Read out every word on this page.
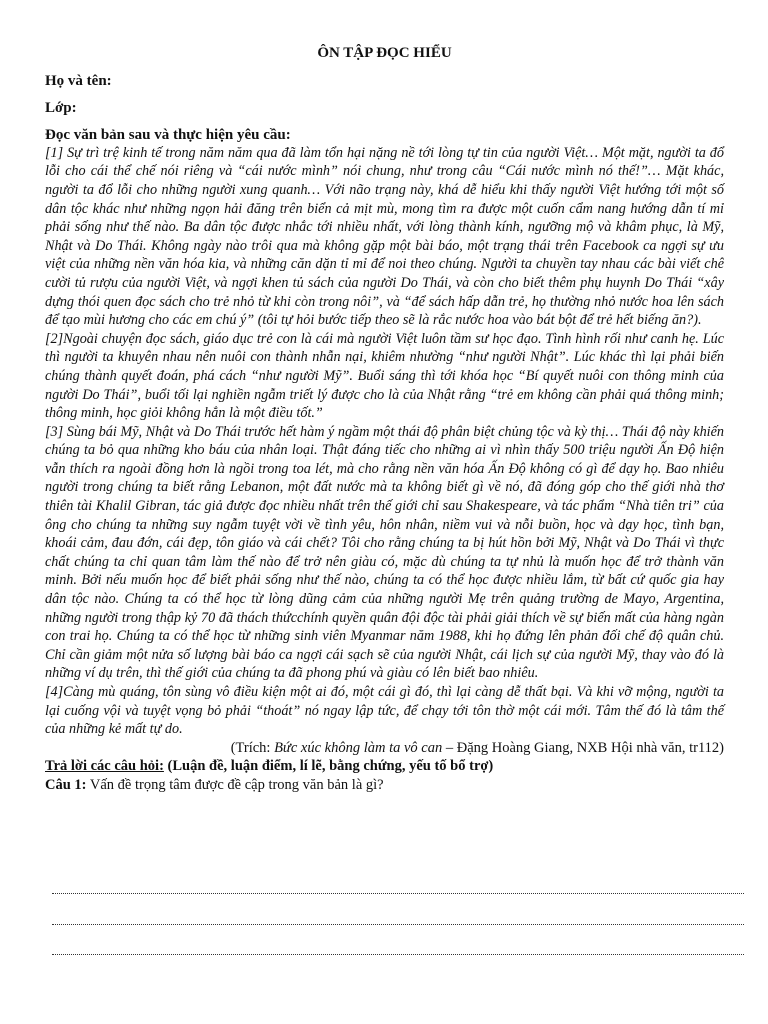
ÔN TẬP ĐỌC HIỂU

Họ và tên:

Lớp:

Đọc văn bản sau và thực hiện yêu cầu:

[1] Sự trì trệ kinh tế trong năm năm qua đã làm tổn hại nặng nề tới lòng tự tin của người Việt… Một mặt, người ta đổ lỗi cho cái thể chế nói riêng và “cái nước mình” nói chung, như trong câu “Cái nước mình nó thế!”… Mặt khác, người ta đổ lỗi cho những người xung quanh… Với não trạng này, khá dễ hiểu khi thấy người Việt hướng tới một số dân tộc khác như những ngọn hải đăng trên biển cả mịt mù, mong tìm ra được một cuốn cẩm nang hướng dẫn tí mỉ phải sống như thế nào. Ba dân tộc được nhắc tới nhiều nhất, với lòng thành kính, ngưỡng mộ và khâm phục, là Mỹ, Nhật và Do Thái. Không ngày nào trôi qua mà không gặp một bài báo, một trạng thái trên Facebook ca ngợi sự ưu việt của những nền văn hóa kia, và những căn dặn tỉ mỉ để noi theo chúng. Người ta chuyền tay nhau các bài viết chê cười tủ rượu của người Việt, và ngợi khen tủ sách của người Do Thái, và còn cho biết thêm phụ huynh Do Thái “xây dựng thói quen đọc sách cho trẻ nhỏ từ khi còn trong nôi”, và “để sách hấp dẫn trẻ, họ thường nhỏ nước hoa lên sách để tạo mùi hương cho các em chú ý” (tôi tự hỏi bước tiếp theo sẽ là rắc nước hoa vào bát bột để trẻ hết biếng ăn?).

[2]Ngoài chuyện đọc sách, giáo dục trẻ con là cái mà người Việt luôn tầm sư học đạo. Tình hình rối như canh hẹ. Lúc thì người ta khuyên nhau nên nuôi con thành nhẫn nại, khiêm nhường “như người Nhật”. Lúc khác thì lại phải biến chúng thành quyết đoán, phá cách “như người Mỹ”. Buổi sáng thì tới khóa học “Bí quyết nuôi con thông minh của người Do Thái”, buổi tối lại nghiền ngẫm triết lý được cho là của Nhật rằng “trẻ em không cần phải quá thông minh; thông minh, học giỏi không hẳn là một điều tốt.”

[3] Sùng bái Mỹ, Nhật và Do Thái trước hết hàm ý ngầm một thái độ phân biệt chủng tộc và kỳ thị… Thái độ này khiến chúng ta bỏ qua những kho báu của nhân loại. Thật đáng tiếc cho những ai vì nhìn thấy 500 triệu người Ấn Độ hiện vẫn thích ra ngoài đồng hơn là ngồi trong toa lét, mà cho rằng nền văn hóa Ấn Độ không có gì để dạy họ. Bao nhiêu người trong chúng ta biết rằng Lebanon, một đất nước mà ta không biết gì về nó, đã đóng góp cho thế giới nhà thơ thiên tài Khalil Gibran, tác giả được đọc nhiều nhất trên thế giới chỉ sau Shakespeare, và tác phẩm “Nhà tiên tri” của ông cho chúng ta những suy ngẫm tuyệt vời về tình yêu, hôn nhân, niềm vui và nỗi buồn, học và dạy học, tình bạn, khoái cảm, đau đớn, cái đẹp, tôn giáo và cái chết? Tôi cho rằng chúng ta bị hút hồn bởi Mỹ, Nhật và Do Thái vì thực chất chúng ta chỉ quan tâm làm thế nào để trở nên giàu có, mặc dù chúng ta tự nhủ là muốn học để trở thành văn minh. Bởi nếu muốn học để biết phải sống như thế nào, chúng ta có thể học được nhiều lắm, từ bất cứ quốc gia hay dân tộc nào. Chúng ta có thể học từ lòng dũng cảm của những người Mẹ trên quảng trường de Mayo, Argentina, những người trong thập kỷ 70 đã thách thứcchính quyền quân đội độc tài phải giải thích về sự biến mất của hàng ngàn con trai họ. Chúng ta có thể học từ những sinh viên Myanmar năm 1988, khi họ đứng lên phản đối chế độ quân chủ. Chỉ cần giảm một nửa số lượng bài báo ca ngợi cái sạch sẽ của người Nhật, cái lịch sự của người Mỹ, thay vào đó là những ví dụ trên, thì thế giới của chúng ta đã phong phú và giàu có lên biết bao nhiêu.

[4]Càng mù quáng, tôn sùng vô điều kiện một ai đó, một cái gì đó, thì lại càng dễ thất bại. Và khi vỡ mộng, người ta lại cuống vội và tuyệt vọng bỏ phải “thoát” nó ngay lập tức, để chạy tới tôn thờ một cái mới. Tâm thế đó là tâm thế của những kẻ mất tự do.

(Trích: Bức xúc không làm ta vô can – Đặng Hoàng Giang, NXB Hội nhà văn, tr112)

Trả lời các câu hỏi: (Luận đề, luận điểm, lí lẽ, bằng chứng, yếu tố bổ trợ)

Câu 1: Vấn đề trọng tâm được đề cập trong văn bản là gì?
